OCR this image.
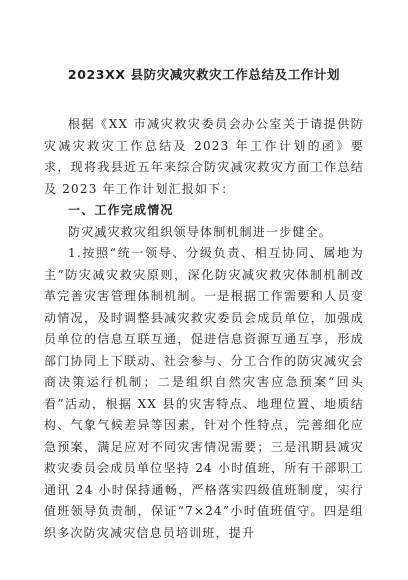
2023XX 县防灾减灾救灾工作总结及工作计划

根据《XX 市减灾救灾委员会办公室关于请提供防灾减灾救灾工作总结及 2023 年工作计划的函》要求，现将我县近五年来综合防灾减灾救灾方面工作总结及 2023 年工作计划汇报如下：

一、工作完成情况

防灾减灾救灾组织领导体制机制进一步健全。

1.按照“统一领导、分级负责、相互协同、属地为主”防灾减灾救灾原则，深化防灾减灾救灾体制机制改革完善灾害管理体制机制。一是根据工作需要和人员变动情况，及时调整县减灾救灾委员会成员单位，加强成员单位的信息互联互通，促进信息资源互通互享，形成部门协同上下联动、社会参与、分工合作的防灾减灾会商决策运行机制；二是组织自然灾害应急预案“回头看”活动，根据 XX 县的灾害特点、地理位置、地质结构、气象气候差异等因素，针对个性特点，完善细化应急预案，满足应对不同灾害情况需要；三是汛期县减灾救灾委员会成员单位坚持 24 小时值班，所有干部职工通讯 24 小时保持通畅，严格落实四级值班制度，实行值班领导负责制，保证“7×24”小时值班值守。四是组织多次防灾减灾信息员培训班，提升
